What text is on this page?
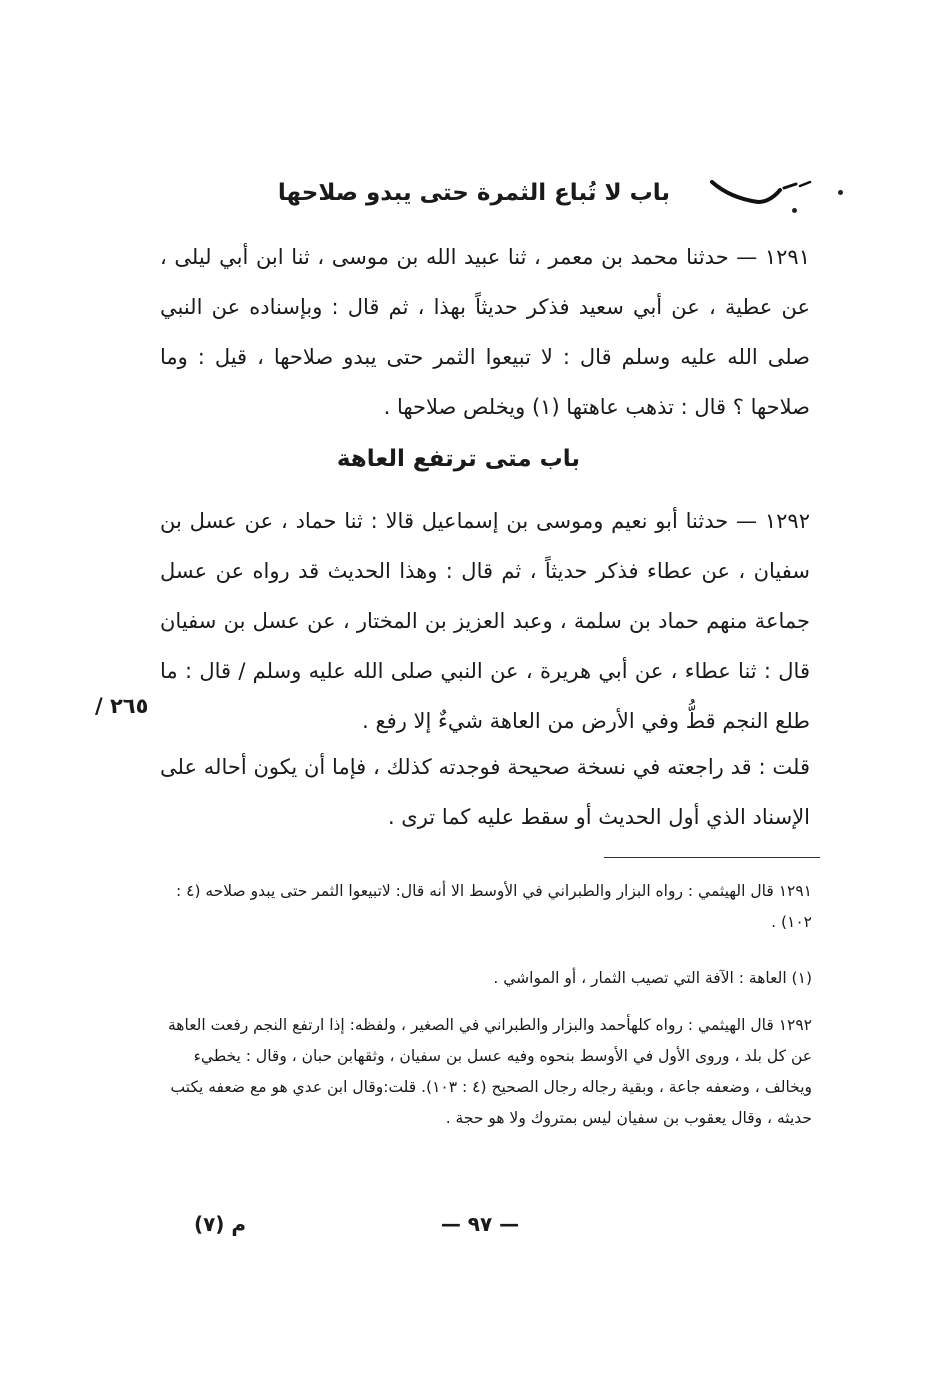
باب لا تُباع الثمرة حتى يبدو صلاحها
١٢٩١ — حدثنا محمد بن معمر ، ثنا عبيد الله بن موسى ، ثنا ابن أبي ليلى ، عن عطية ، عن أبي سعيد فذكر حديثاً بهذا ، ثم قال : وبإسناده عن النبي صلى الله عليه وسلم قال : لا تبيعوا الثمر حتى يبدو صلاحها ، قيل : وما صلاحها ؟ قال : تذهب عاهتها (١) ويخلص صلاحها .
باب متى ترتفع العاهة
١٢٩٢ — حدثنا أبو نعيم وموسى بن إسماعيل قالا : ثنا حماد ، عن عسل بن سفيان ، عن عطاء فذكر حديثاً ، ثم قال : وهذا الحديث قد رواه عن عسل جماعة منهم حماد بن سلمة ، وعبد العزيز بن المختار ، عن عسل بن سفيان قال : ثنا عطاء ، عن أبي هريرة ، عن النبي صلى الله عليه وسلم / قال : ما طلع النجم قطُّ وفي الأرض من العاهة شيءٌ إلا رفع .
٢٦٥ /
قلت : قد راجعته في نسخة صحيحة فوجدته كذلك ، فإما أن يكون أحاله على الإسناد الذي أول الحديث أو سقط عليه كما ترى .
١٢٩١ قال الهيثمي : رواه البزار والطبراني في الأوسط الا أنه قال: لاتبيعوا الثمر حتى يبدو صلاحه (٤ : ١٠٢) .
(١) العاهة : الآفة التي تصيب الثمار ، أو المواشي .
١٢٩٢ قال الهيثمي : رواه كلهأحمد والبزار والطبراني في الصغير ، ولفظه: إذا ارتفع النجم رفعت العاهة عن كل بلد ، وروى الأول في الأوسط بنحوه وفيه عسل بن سفيان ، وثقهابن حبان ، وقال : يخطيء ويخالف ، وضعفه جاعة ، وبقية رجاله رجال الصحيح (٤ : ١٠٣). قلت:وقال ابن عدي هو مع ضعفه يكتب حديثه ، وقال يعقوب بن سفيان ليس بمتروك ولا هو حجة .
— ٩٧ —
م (٧)
